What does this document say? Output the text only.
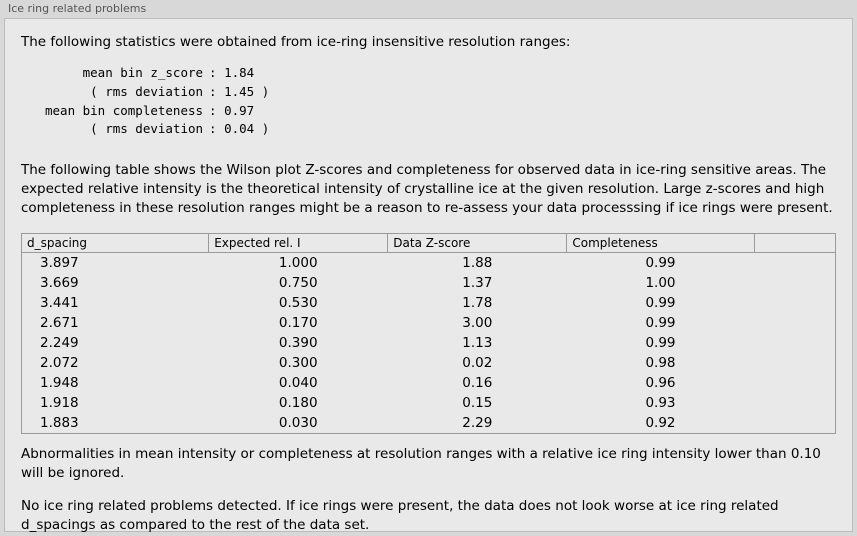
Ice ring related problems

The following statistics were obtained from ice-ring insensitive resolution ranges:

mean bin z_score	: 1.84
( rms deviation	: 1.45 )
mean bin completeness	: 0.97
( rms deviation	: 0.04 )

The following table shows the Wilson plot Z-scores and completeness for observed data in ice-ring sensitive areas. The expected relative intensity is the theoretical intensity of crystalline ice at the given resolution. Large z-scores and high completeness in these resolution ranges might be a reason to re-assess your data processsing if ice rings were present.

d_spacing	Expected rel. I	Data Z-score	Completeness	
3.897	1.000	1.88	0.99	
3.669	0.750	1.37	1.00	
3.441	0.530	1.78	0.99	
2.671	0.170	3.00	0.99	
2.249	0.390	1.13	0.99	
2.072	0.300	0.02	0.98	
1.948	0.040	0.16	0.96	
1.918	0.180	0.15	0.93	
1.883	0.030	2.29	0.92	

Abnormalities in mean intensity or completeness at resolution ranges with a relative ice ring intensity lower than 0.10 will be ignored.

No ice ring related problems detected. If ice rings were present, the data does not look worse at ice ring related d_spacings as compared to the rest of the data set.
